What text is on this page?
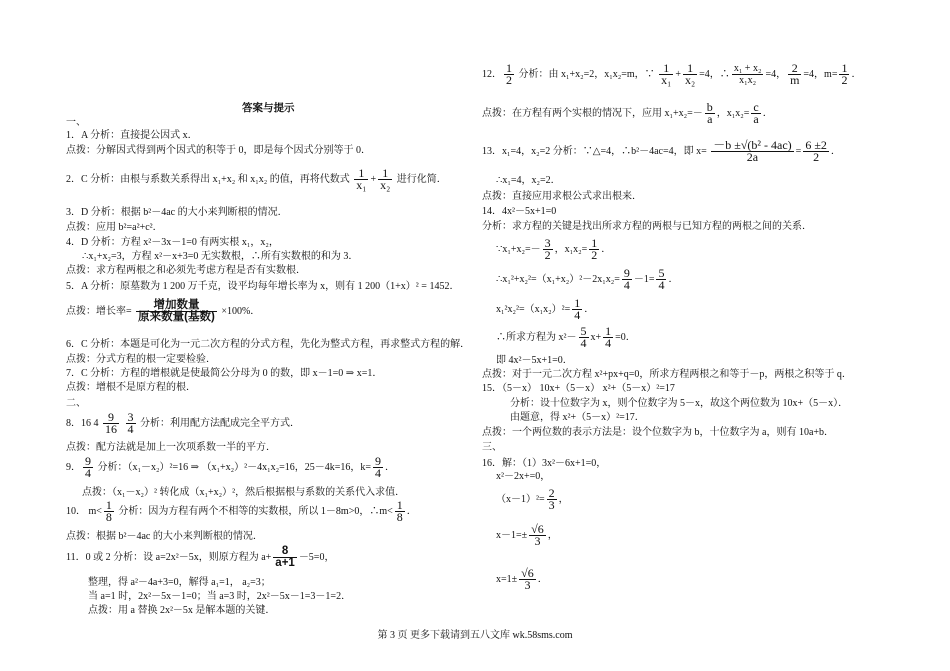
答案与提示
一、
1．A 分析：直接提公因式 x．
点拨：分解因式得到两个因式的积等于 0，即是每个因式分别等于 0．
2．C 分析：由根与系数关系得出 x₁+x₂ 和 x₁x₂ 的值，再将代数式 $\frac{1}{\text{x₁}} + \frac{1}{\text{x₂}}$ 进行化简．
3．D 分析：根据 b²－4ac 的大小来判断根的情况．
点拨：应用 b²=a²+c²．
4．D 分析：方程 x²－3x－1=0 有两实根 x₁，x₂，
∴x₁+x₂=3，方程 x²－x+3=0 无实数根，∴所有实数根的和为 3．
点拨：求方程两根之和必须先考虑方程是否有实数根．
5．A 分析：原墓数为 1 200 万千克，设平均每年增长率为 x，则有 1 200（1+x）² = 1452．
点拨：增长率= $\frac{\text{增加数量}}{\text{原来数量(基数)}} \times 100\%$．
6．C 分析：本题是可化为一元二次方程的分式方程，先化为整式方程，再求整式方程的解．
点拨：分式方程的根一定要检验．
7．C 分析：方程的增根就是使最简公分母为 0 的数，即 x－1=0 ⇒ x=1．
点拨：增根不是原方程的根．
二、
8．16 $4 \frac{9}{16}$
$\frac{3}{4}$ 分析：利用配方法配成完全平方式．
点拨：配方法就是加上一次项系数一半的平方．
9． $\frac{9}{4}$ 分析：（x₁－x₂）²=16 ⇒ （x₁+x₂）²－4x₁x₂=16，25－4k=16，$k= \frac{9}{4}$ ．
点拨：（x₁－x₂）² 转化成（x₁+x₂）²，然后根据根与系数的关系代入求值．
10． $m< \frac{1}{8}$ 分析：因为方程有两个不相等的实数根，所以 1－8m>0，∴m< $\frac{1}{8}$ ．
点拨：根据 b²－4ac 的大小来判断根的情况．
11．0 或 2 分析：设 a=2x²－5x，则原方程为 $a+ \frac{8}{a+1} -5=0$，
整理，得 a²－4a+3=0，解得 a₁=1， a₂=3；
当 a=1 时，2x²－5x－1=0；当 a=3 时，2x²－5x－1=3－1=2．
点拨：用 a 替换 2x²－5x 是解本题的关键．
12． $\frac{1}{2}$ 分析：由 x₁+x₂=2，x₁x₂=m，∵ $\frac{1}{\text{x₁}} + \frac{1}{\text{x₂}} =4$，∴ $\frac{\text{x₁ + x₂}}{\text{x₁x₂}} =4$， $\frac{2}{m} =4$，$m= \frac{1}{2}$ ．
点拨：在方程有两个实根的情况下，应用 $x_1+x_2=- \frac{b}{a}$ ，$x_1x_2= \frac{c}{a}$ ．
13．x₁=4，x₂=2 分析：∵△=4，∴b²－4ac=4，即 $x= \frac{\text{－b ±√(b² - 4ac)}}{2a} = \frac{6 \pm 2}{2}$ ．
∴x₁=4，x₂=2．
点拨：直接应用求根公式求出根来．
14．4x²－5x+1=0
分析：求方程的关键是找出所求方程的两根与已知方程的两根之间的关系．
∵x₁+x₂=－ $\frac{3}{2}$ ，$x_1x_2= \frac{1}{2}$ ．
∴x₁²+x₂²=（x₁+x₂）²－2x₁x₂= $\frac{9}{4} -1= \frac{5}{4}$ ．
$x_1^2x_2^2=(x_1x_2)^2= \frac{1}{4}$ ．
∴所求方程为 $x^2- \frac{5}{4} x+ \frac{1}{4} =0$．
即 4x²－5x+1=0．
点拨：对于一元二次方程 x²+px+q=0，所求方程两根之和等于－p，两根之积等于 q．
15．（5－x） 10x+（5－x） x²+（5－x）²=17
分析：设十位数字为 x，则个位数字为 5－x，故这个两位数为 10x+（5－x）．
由题意，得 x²+（5－x）²=17．
点拨：一个两位数的表示方法是：设个位数字为 b，十位数字为 a，则有 10a+b．
三、
16．解：（1）3x²－6x+1=0，
x²－2x+=0，
$(x-1)^2= \frac{2}{3}$ ，
$x-1=\pm \frac{√6}{3}$ ，
$x=1\pm \frac{√6}{3}$ ．
第 3 页 更多下载请到五八文库 wk.58sms.com
